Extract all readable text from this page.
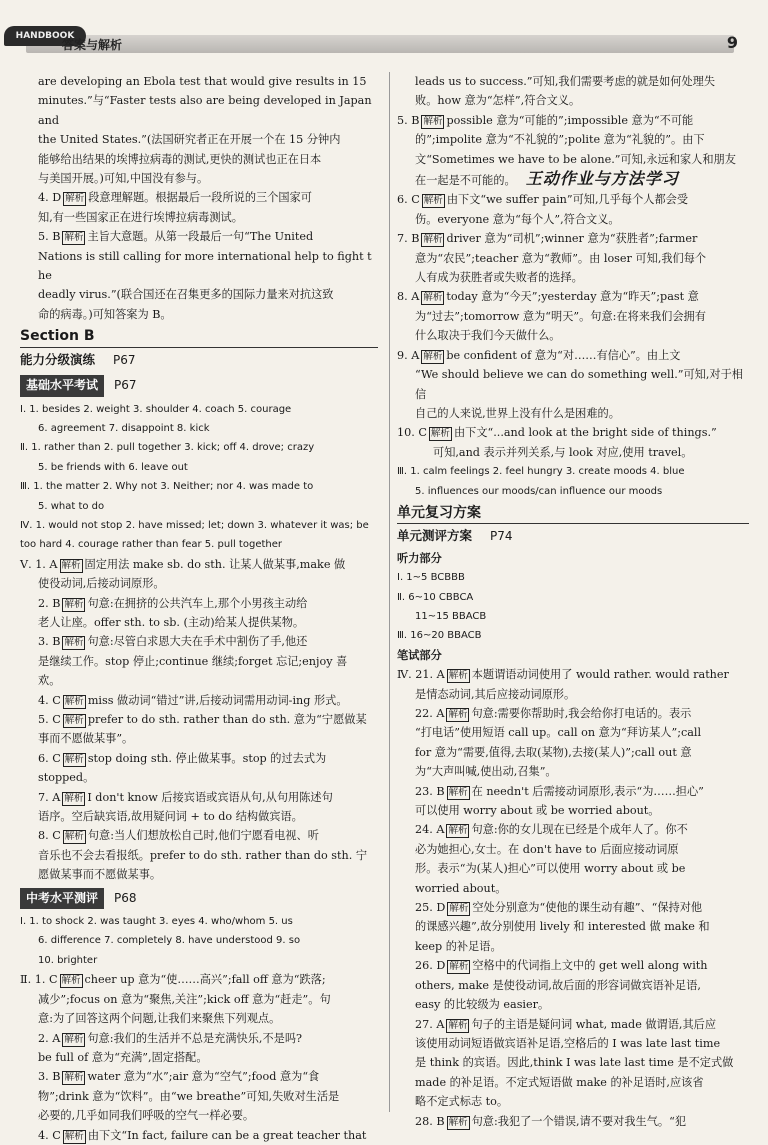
HANDBOOK
答案与解析	9

are developing an Ebola test that would give results in 15

minutes.”与“Faster tests also are being developed in Japan and

the United States.”(法国研究者正在开展一个在 15 分钟内

能够给出结果的埃博拉病毒的测试,更快的测试也正在日本

与美国开展。)可知,中国没有参与。

4. D 解析 段意理解题。根据最后一段所说的三个国家可

知,有一些国家正在进行埃博拉病毒测试。

5. B 解析 主旨大意题。从第一段最后一句“The United

Nations is still calling for more international help to fight the

deadly virus.”(联合国还在召集更多的国际力量来对抗这致

命的病毒。)可知答案为 B。

Section B
能力分级演练 P67
基础水平考试 P67

Ⅰ. 1. besides 2. weight 3. shoulder 4. coach 5. courage

6. agreement 7. disappoint 8. kick

Ⅱ. 1. rather than 2. pull together 3. kick; off 4. drove; crazy

5. be friends with 6. leave out

Ⅲ. 1. the matter 2. Why not 3. Neither; nor 4. was made to

5. what to do

Ⅳ. 1. would not stop 2. have missed; let; down 3. whatever it was; be

too hard 4. courage rather than fear 5. pull together

Ⅴ. 1. A 解析 固定用法 make sb. do sth. 让某人做某事,make 做

使役动词,后接动词原形。

2. B 解析 句意:在拥挤的公共汽车上,那个小男孩主动给

老人让座。offer sth. to sb. (主动)给某人提供某物。

3. B 解析 句意:尽管白求恩大夫在手术中割伤了手,他还

是继续工作。stop 停止;continue 继续;forget 忘记;enjoy 喜

欢。

4. C 解析 miss 做动词“错过”讲,后接动词需用动词-ing 形式。

5. C 解析 prefer to do sth. rather than do sth. 意为“宁愿做某

事而不愿做某事”。

6. C 解析 stop doing sth. 停止做某事。stop 的过去式为

stopped。

7. A 解析 I don't know 后接宾语或宾语从句,从句用陈述句

语序。空后缺宾语,故用疑问词 + to do 结构做宾语。

8. C 解析 句意:当人们想放松自己时,他们宁愿看电视、听

音乐也不会去看报纸。prefer to do sth. rather than do sth. 宁

愿做某事而不愿做某事。

中考水平测评 P68

Ⅰ. 1. to shock 2. was taught 3. eyes 4. who/whom 5. us

6. difference 7. completely 8. have understood 9. so

10. brighter

Ⅱ. 1. C 解析 cheer up 意为“使……高兴”;fall off 意为“跌落;

减少”;focus on 意为“聚焦,关注”;kick off 意为“赶走”。句

意:为了回答这两个问题,让我们来聚焦下列观点。

2. A 解析 句意:我们的生活并不总是充满快乐,不是吗?

be full of 意为“充满”,固定搭配。

3. B 解析 water 意为“水”;air 意为“空气”;food 意为“食

物”;drink 意为“饮料”。由“we breathe”可知,失败对生活是

必要的,几乎如同我们呼吸的空气一样必要。

4. C 解析 由下文“In fact, failure can be a great teacher that

leads us to success.”可知,我们需要考虑的就是如何处理失

败。how 意为“怎样”,符合文义。

5. B 解析 possible 意为“可能的”;impossible 意为“不可能

的”;impolite 意为“不礼貌的”;polite 意为“礼貌的”。由下

文“Sometimes we have to be alone.”可知,永远和家人和朋友

在一起是不可能的。 王动作业与方法学习

6. C 解析 由下文“we suffer pain”可知,几乎每个人都会受

伤。everyone 意为“每个人”,符合文义。

7. B 解析 driver 意为“司机”;winner 意为“获胜者”;farmer

意为“农民”;teacher 意为“教师”。由 loser 可知,我们每个

人有成为获胜者或失败者的选择。

8. A 解析 today 意为“今天”;yesterday 意为“昨天”;past 意

为“过去”;tomorrow 意为“明天”。句意:在将来我们会拥有

什么取决于我们今天做什么。

9. A 解析 be confident of 意为“对……有信心”。由上文

“We should believe we can do something well.”可知,对于相信

自己的人来说,世界上没有什么是困难的。

10. C 解析 由下文“...and look at the bright side of things.”

可知,and 表示并列关系,与 look 对应,使用 travel。

Ⅲ. 1. calm feelings 2. feel hungry 3. create moods 4. blue

5. influences our moods/can influence our moods

单元复习方案
单元测评方案 P74

听力部分

Ⅰ. 1~5 BCBBB

Ⅱ. 6~10 CBBCA

11~15 BBACB

Ⅲ. 16~20 BBACB

笔试部分

Ⅳ. 21. A 解析 本题谓语动词使用了 would rather. would rather

是情态动词,其后应接动词原形。

22. A 解析 句意:需要你帮助时,我会给你打电话的。表示

“打电话”使用短语 call up。call on 意为“拜访某人”;call

for 意为“需要,值得,去取(某物),去接(某人)”;call out 意

为“大声叫喊,使出动,召集”。

23. B 解析 在 needn't 后需接动词原形,表示“为……担心”

可以使用 worry about 或 be worried about。

24. A 解析 句意:你的女儿现在已经是个成年人了。你不

必为她担心,女士。在 don't have to 后面应接动词原

形。表示“为(某人)担心”可以使用 worry about 或 be

worried about。

25. D 解析 空处分别意为“使他的课生动有趣”、“保持对他

的课感兴趣”,故分别使用 lively 和 interested 做 make 和

keep 的补足语。

26. D 解析 空格中的代词指上文中的 get well along with

others, make 是使役动词,故后面的形容词做宾语补足语,

easy 的比较级为 easier。

27. A 解析 句子的主语是疑问词 what, made 做谓语,其后应

该使用动词短语做宾语补足语,空格后的 I was late last time

是 think 的宾语。因此,think I was late last time 是不定式做

made 的补足语。不定式短语做 make 的补足语时,应该省

略不定式标志 to。

28. B 解析 句意:我犯了一个错误,请不要对我生气。“犯
